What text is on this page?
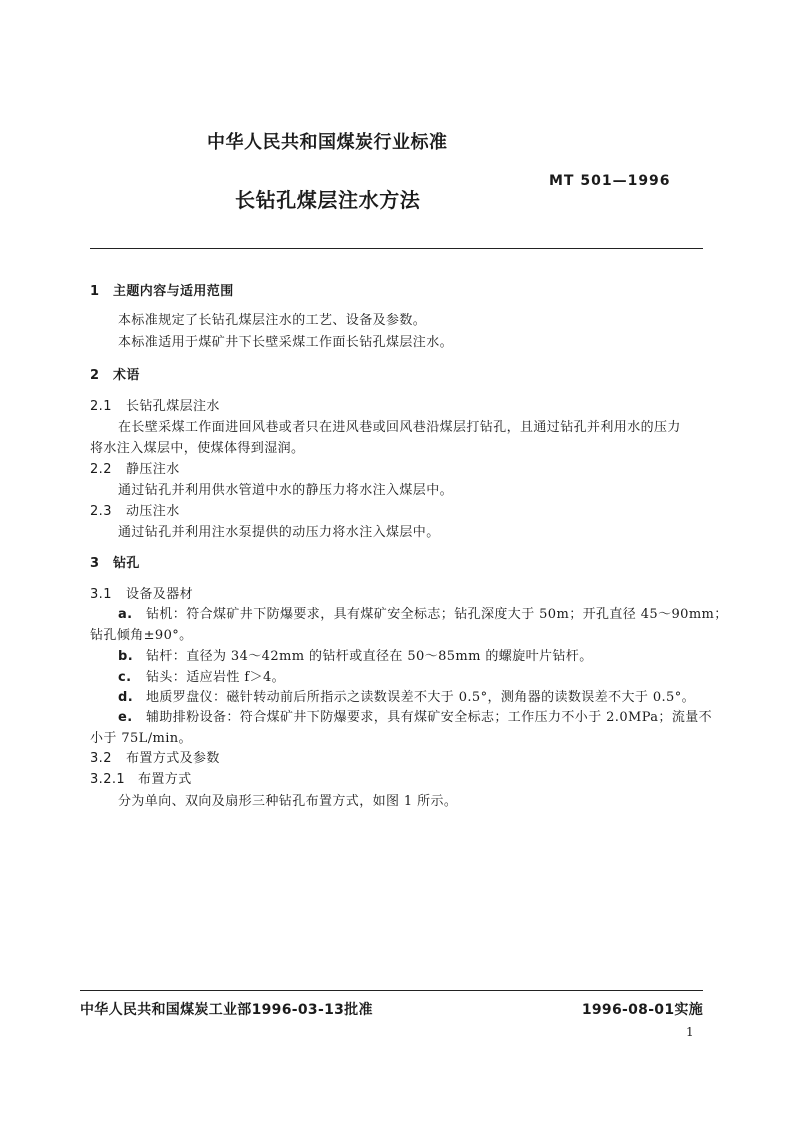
中华人民共和国煤炭行业标准
MT 501—1996
长钻孔煤层注水方法
1 主题内容与适用范围
本标准规定了长钻孔煤层注水的工艺、设备及参数。
本标准适用于煤矿井下长壁采煤工作面长钻孔煤层注水。
2 术语
2.1 长钻孔煤层注水
在长壁采煤工作面进回风巷或者只在进风巷或回风巷沿煤层打钻孔，且通过钻孔并利用水的压力
将水注入煤层中，使煤体得到湿润。
2.2 静压注水
通过钻孔并利用供水管道中水的静压力将水注入煤层中。
2.3 动压注水
通过钻孔并利用注水泵提供的动压力将水注入煤层中。
3 钻孔
3.1 设备及器材
a. 钻机：符合煤矿井下防爆要求，具有煤矿安全标志；钻孔深度大于 50m；开孔直径 45～90mm；
钻孔倾角±90°。
b. 钻杆：直径为 34～42mm 的钻杆或直径在 50～85mm 的螺旋叶片钻杆。
c. 钻头：适应岩性 f＞4。
d. 地质罗盘仪：磁针转动前后所指示之读数误差不大于 0.5°，测角器的读数误差不大于 0.5°。
e. 辅助排粉设备：符合煤矿井下防爆要求，具有煤矿安全标志；工作压力不小于 2.0MPa；流量不
小于 75L/min。
3.2 布置方式及参数
3.2.1 布置方式
分为单向、双向及扇形三种钻孔布置方式，如图 1 所示。
中华人民共和国煤炭工业部1996-03-13批准	1996-08-01实施
1
